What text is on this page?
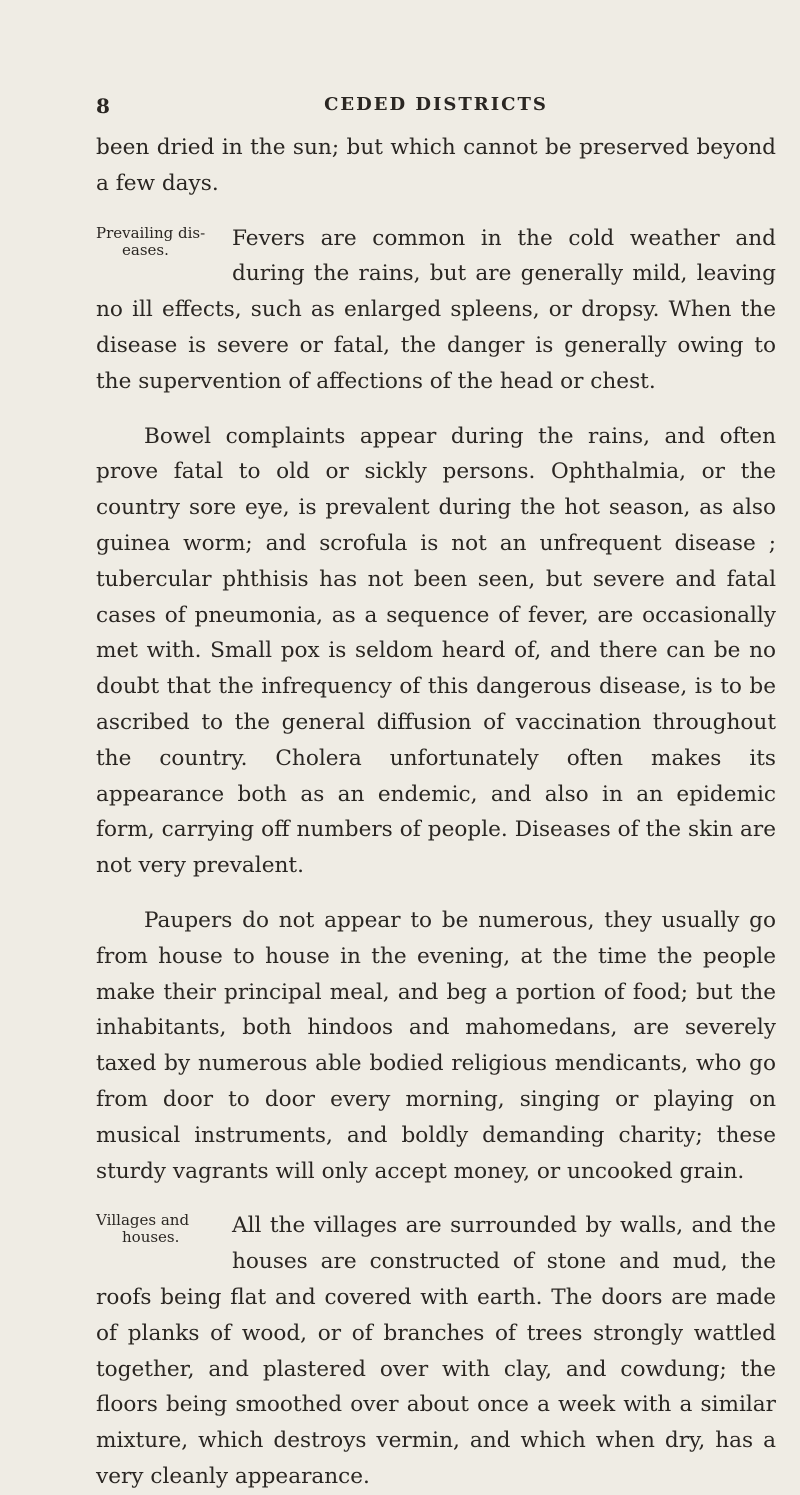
8	CEDED DISTRICTS

been dried in the sun; but which cannot be preserved beyond a few days.

Prevailing dis-
eases.	Fevers are common in the cold weather and during the rains, but are generally mild, leaving no ill effects, such as enlarged spleens, or dropsy. When the disease is severe or fatal, the danger is generally owing to the supervention of affections of the head or chest.

Bowel complaints appear during the rains, and often prove fatal to old or sickly persons. Ophthalmia, or the country sore eye, is prevalent during the hot season, as also guinea worm; and scrofula is not an unfrequent disease ; tubercular phthisis has not been seen, but severe and fatal cases of pneumonia, as a sequence of fever, are occasionally met with. Small pox is seldom heard of, and there can be no doubt that the infrequency of this dangerous disease, is to be ascribed to the general diffusion of vaccination throughout the country. Cholera unfortunately often makes its appearance both as an endemic, and also in an epidemic form, carrying off numbers of people. Diseases of the skin are not very prevalent.

Paupers do not appear to be numerous, they usually go from house to house in the evening, at the time the people make their principal meal, and beg a portion of food; but the inhabitants, both hindoos and mahomedans, are severely taxed by numerous able bodied religious mendicants, who go from door to door every morning, singing or playing on musical instruments, and boldly demanding charity; these sturdy vagrants will only accept money, or uncooked grain.

Villages and
houses.	All the villages are surrounded by walls, and the houses are constructed of stone and mud, the roofs being flat and covered with earth. The doors are made of planks of wood, or of branches of trees strongly wattled together, and plastered over with clay, and cowdung; the floors being smoothed over about once a week with a similar mixture, which destroys vermin, and which when dry, has a very cleanly appearance.
